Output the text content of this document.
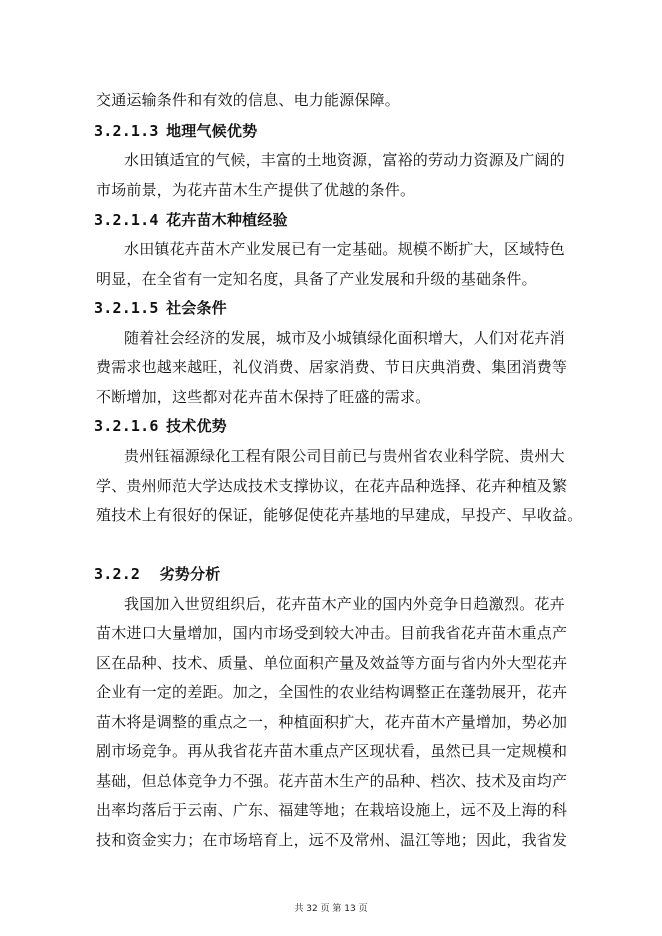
交通运输条件和有效的信息、电力能源保障。
3.2.1.3 地理气候优势
水田镇适宜的气候，丰富的土地资源，富裕的劳动力资源及广阔的
市场前景，为花卉苗木生产提供了优越的条件。
3.2.1.4 花卉苗木种植经验
水田镇花卉苗木产业发展已有一定基础。规模不断扩大，区域特色
明显，在全省有一定知名度，具备了产业发展和升级的基础条件。
3.2.1.5 社会条件
随着社会经济的发展，城市及小城镇绿化面积增大，人们对花卉消
费需求也越来越旺，礼仪消费、居家消费、节日庆典消费、集团消费等
不断增加，这些都对花卉苗木保持了旺盛的需求。
3.2.1.6 技术优势
贵州钰福源绿化工程有限公司目前已与贵州省农业科学院、贵州大
学、贵州师范大学达成技术支撑协议，在花卉品种选择、花卉种植及繁
殖技术上有很好的保证，能够促使花卉基地的早建成，早投产、早收益。
3.2.2 劣势分析
我国加入世贸组织后，花卉苗木产业的国内外竞争日趋激烈。花卉
苗木进口大量增加，国内市场受到较大冲击。目前我省花卉苗木重点产
区在品种、技术、质量、单位面积产量及效益等方面与省内外大型花卉
企业有一定的差距。加之，全国性的农业结构调整正在蓬勃展开，花卉
苗木将是调整的重点之一，种植面积扩大，花卉苗木产量增加，势必加
剧市场竞争。再从我省花卉苗木重点产区现状看，虽然已具一定规模和
基础，但总体竞争力不强。花卉苗木生产的品种、档次、技术及亩均产
出率均落后于云南、广东、福建等地；在栽培设施上，远不及上海的科
技和资金实力；在市场培育上，远不及常州、温江等地；因此，我省发
共 32 页 第 13 页
